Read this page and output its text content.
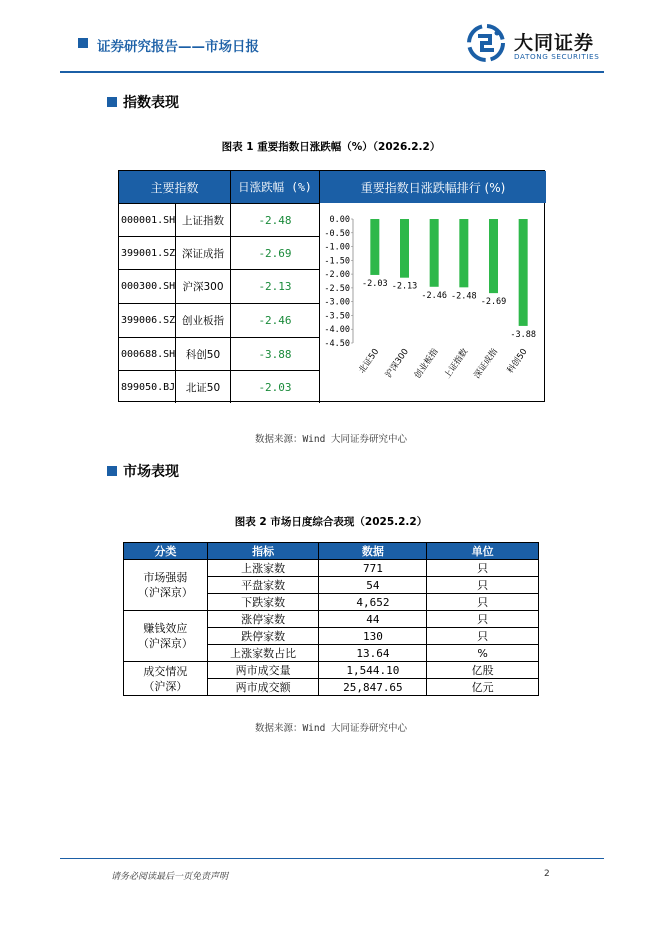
证券研究报告——市场日报	大同证券
DATONG SECURITIES
指数表现
图表 1 重要指数日涨跌幅（%）（2026.2.2）
主要指数	日涨跌幅 (%)	重要指数日涨跌幅排行 (%)
000001.SH 上证指数	-2.48
399001.SZ 深证成指	-2.69
000300.SH 沪深300	-2.13
399006.SZ 创业板指	-2.46
000688.SH	科创50	-3.88
899050.BJ	北证50	-2.03
0.00
-0.50
-1.00
-1.50
-2.00
-2.50
-3.00
-3.50
-4.00
-4.50
-2.03
北证50
-2.13
沪深300
-2.46
创业板指
-2.48
上证指数
-2.69
深证成指
-3.88
科创50
数据来源：Wind 大同证券研究中心
市场表现
图表 2 市场日度综合表现（2025.2.2）
分类	指标	数据	单位

市场强弱
（沪深京）	上涨家数	771	只
	平盘家数	54	只
	下跌家数	4,652	只

赚钱效应
（沪深京）	涨停家数	44	只
	跌停家数	130	只
	上涨家数占比	13.64	%

成交情况
（沪深）	两市成交量	1,544.10	亿股
	两市成交额	25,847.65	亿元
数据来源：Wind 大同证券研究中心
请务必阅读最后一页免责声明	2
